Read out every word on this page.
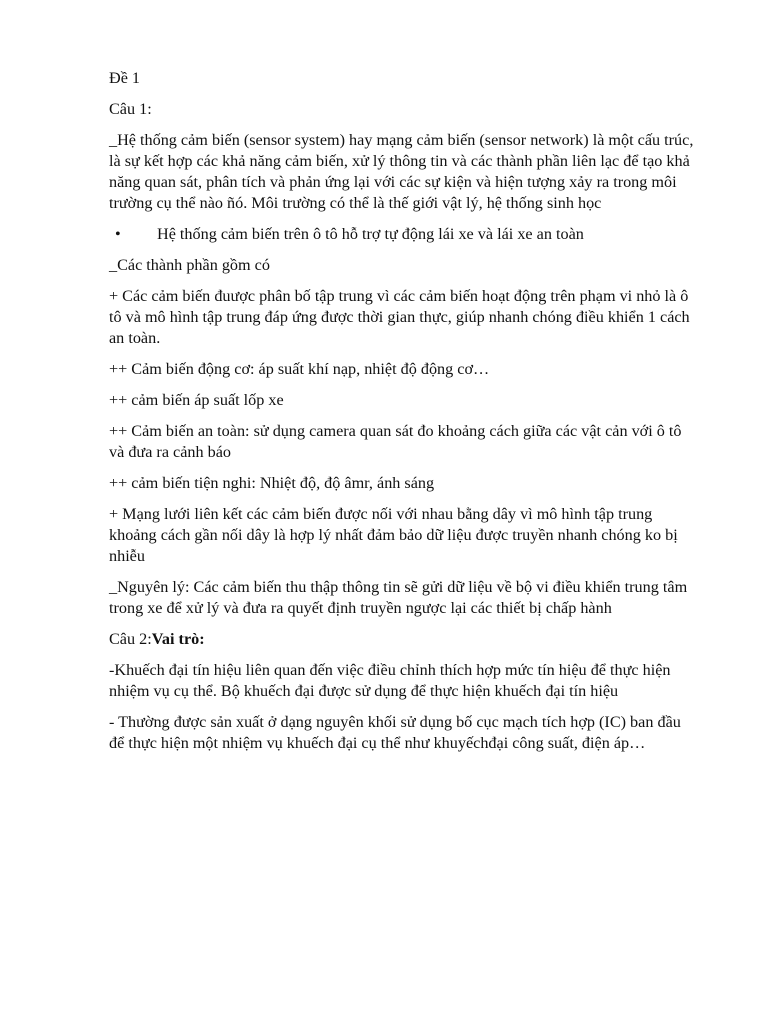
Đề 1

Câu 1:

_Hệ thống cảm biến (sensor system) hay mạng cảm biến (sensor network) là một cấu trúc, là sự kết hợp các khả năng cảm biến, xử lý thông tin và các thành phần liên lạc để tạo khả năng quan sát, phân tích và phản ứng lại với các sự kiện và hiện tượng xảy ra trong môi trường cụ thể nào ñó. Môi trường có thể là thế giới vật lý, hệ thống sinh học

• Hệ thống cảm biến trên ô tô hỗ trợ tự động lái xe và lái xe an toàn

_Các thành phần gồm có

+ Các cảm biến đuược phân bố tập trung vì các cảm biến hoạt động trên phạm vi nhỏ là ô tô và mô hình tập trung đáp ứng được thời gian thực, giúp nhanh chóng điều khiển 1 cách an toàn.

++ Cảm biến động cơ: áp suất khí nạp, nhiệt độ động cơ…

++ cảm biến áp suất lốp xe

++ Cảm biến an toàn: sử dụng camera quan sát đo khoảng cách giữa các vật cản với ô tô và đưa ra cảnh báo

++ cảm biến tiện nghi: Nhiệt độ, độ âmr, ánh sáng

+ Mạng lưới liên kết các cảm biến được nối với nhau bằng dây vì mô hình tập trung khoảng cách gần nối dây là hợp lý nhất đảm bảo dữ liệu được truyền nhanh chóng ko bị nhiễu

_Nguyên lý: Các cảm biến thu thập thông tin sẽ gửi dữ liệu về bộ vi điều khiển trung tâm trong xe để xử lý và đưa ra quyết định truyền ngược lại các thiết bị chấp hành

Câu 2:Vai trò:

-Khuếch đại tín hiệu liên quan đến việc điều chỉnh thích hợp mức tín hiệu để thực hiện nhiệm vụ cụ thể. Bộ khuếch đại được sử dụng để thực hiện khuếch đại tín hiệu

- Thường được sản xuất ở dạng nguyên khối sử dụng bố cục mạch tích hợp (IC) ban đầu để thực hiện một nhiệm vụ khuếch đại cụ thể như khuyếchđại công suất, điện áp…
